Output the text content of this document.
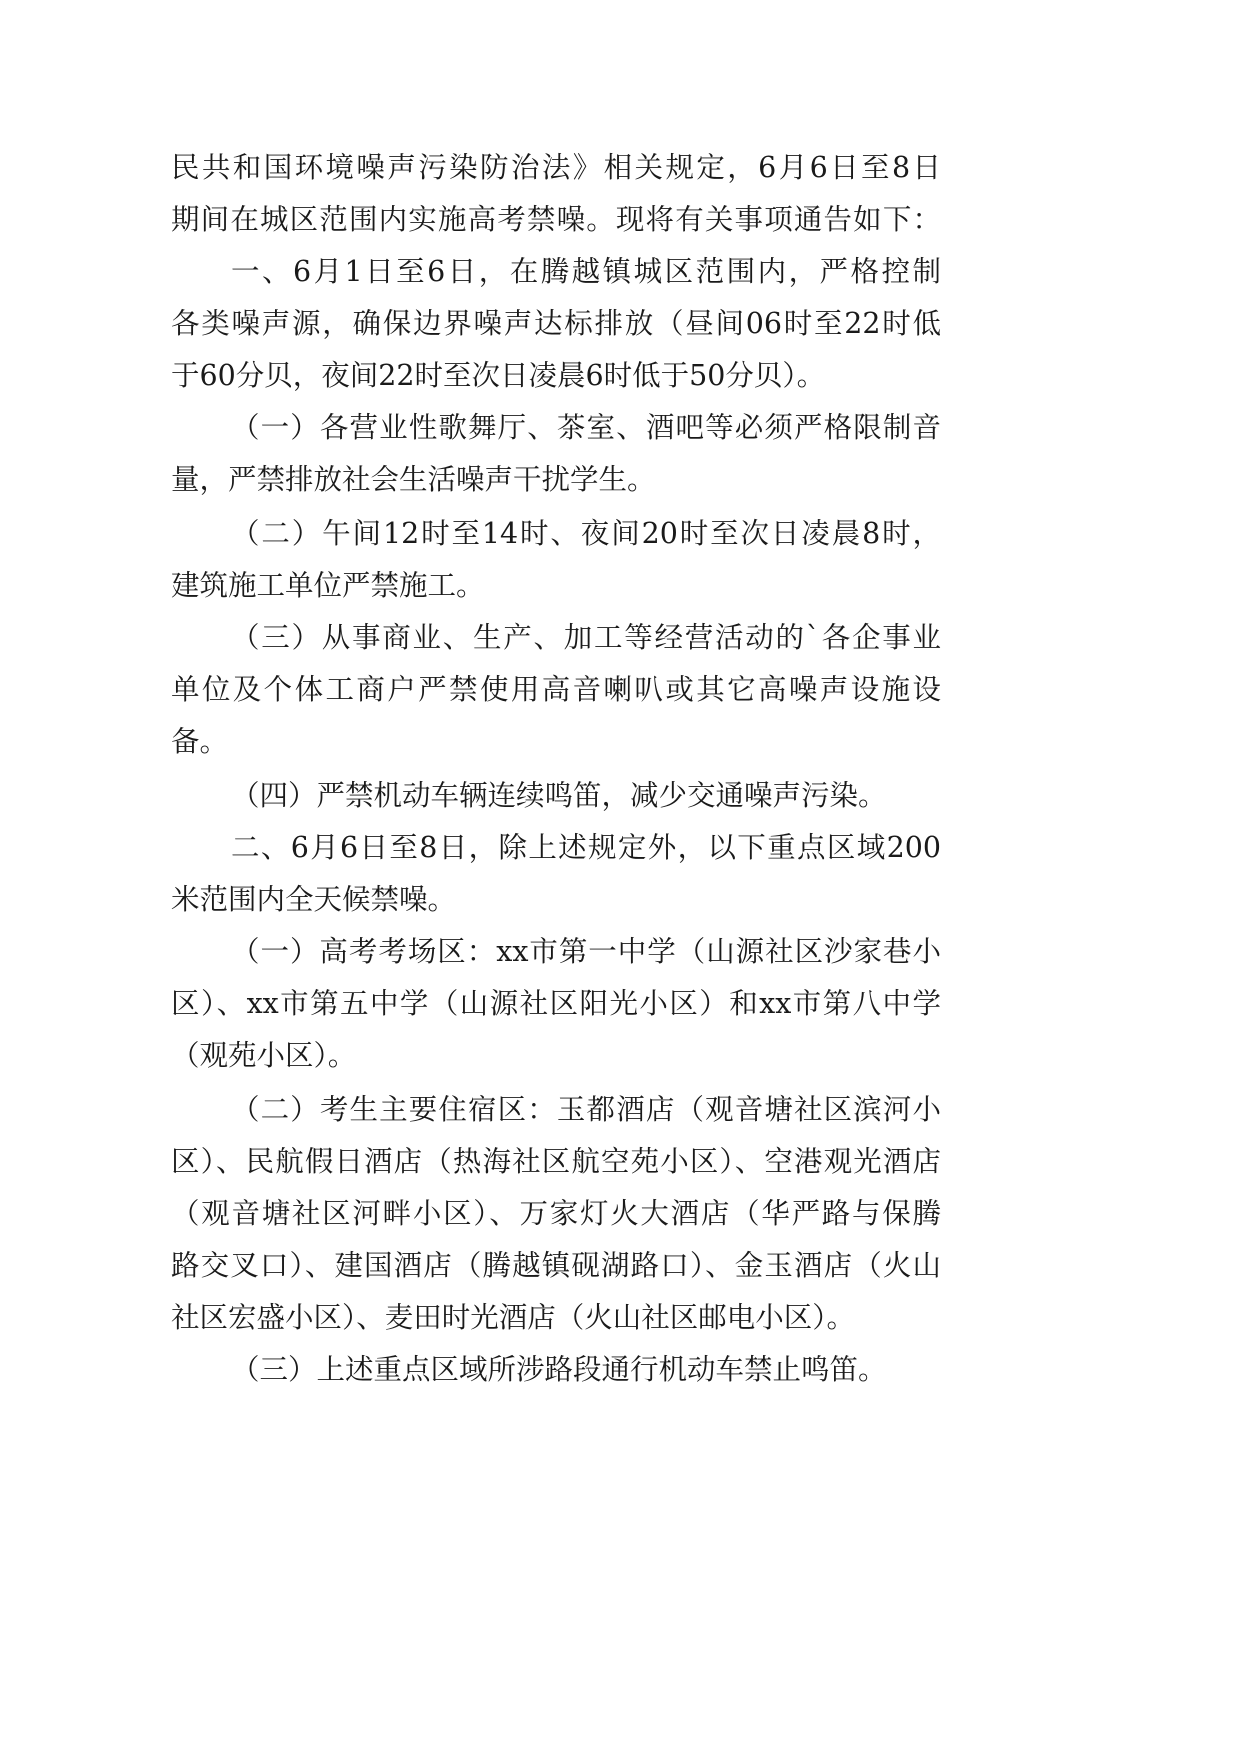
民共和国环境噪声污染防治法》相关规定，6月6日至8日
期间在城区范围内实施高考禁噪。现将有关事项通告如下：
一、6月1日至6日，在腾越镇城区范围内，严格控制
各类噪声源，确保边界噪声达标排放（昼间06时至22时低
于60分贝，夜间22时至次日凌晨6时低于50分贝）。
（一）各营业性歌舞厅、茶室、酒吧等必须严格限制音
量，严禁排放社会生活噪声干扰学生。
（二）午间12时至14时、夜间20时至次日凌晨8时，
建筑施工单位严禁施工。
（三）从事商业、生产、加工等经营活动的`各企事业
单位及个体工商户严禁使用高音喇叭或其它高噪声设施设
备。
（四）严禁机动车辆连续鸣笛，减少交通噪声污染。
二、6月6日至8日，除上述规定外，以下重点区域200
米范围内全天候禁噪。
（一）高考考场区：xx市第一中学（山源社区沙家巷小
区）、xx市第五中学（山源社区阳光小区）和xx市第八中学
（观苑小区）。
（二）考生主要住宿区：玉都酒店（观音塘社区滨河小
区）、民航假日酒店（热海社区航空苑小区）、空港观光酒店
（观音塘社区河畔小区）、万家灯火大酒店（华严路与保腾
路交叉口）、建国酒店（腾越镇砚湖路口）、金玉酒店（火山
社区宏盛小区）、麦田时光酒店（火山社区邮电小区）。
（三）上述重点区域所涉路段通行机动车禁止鸣笛。
